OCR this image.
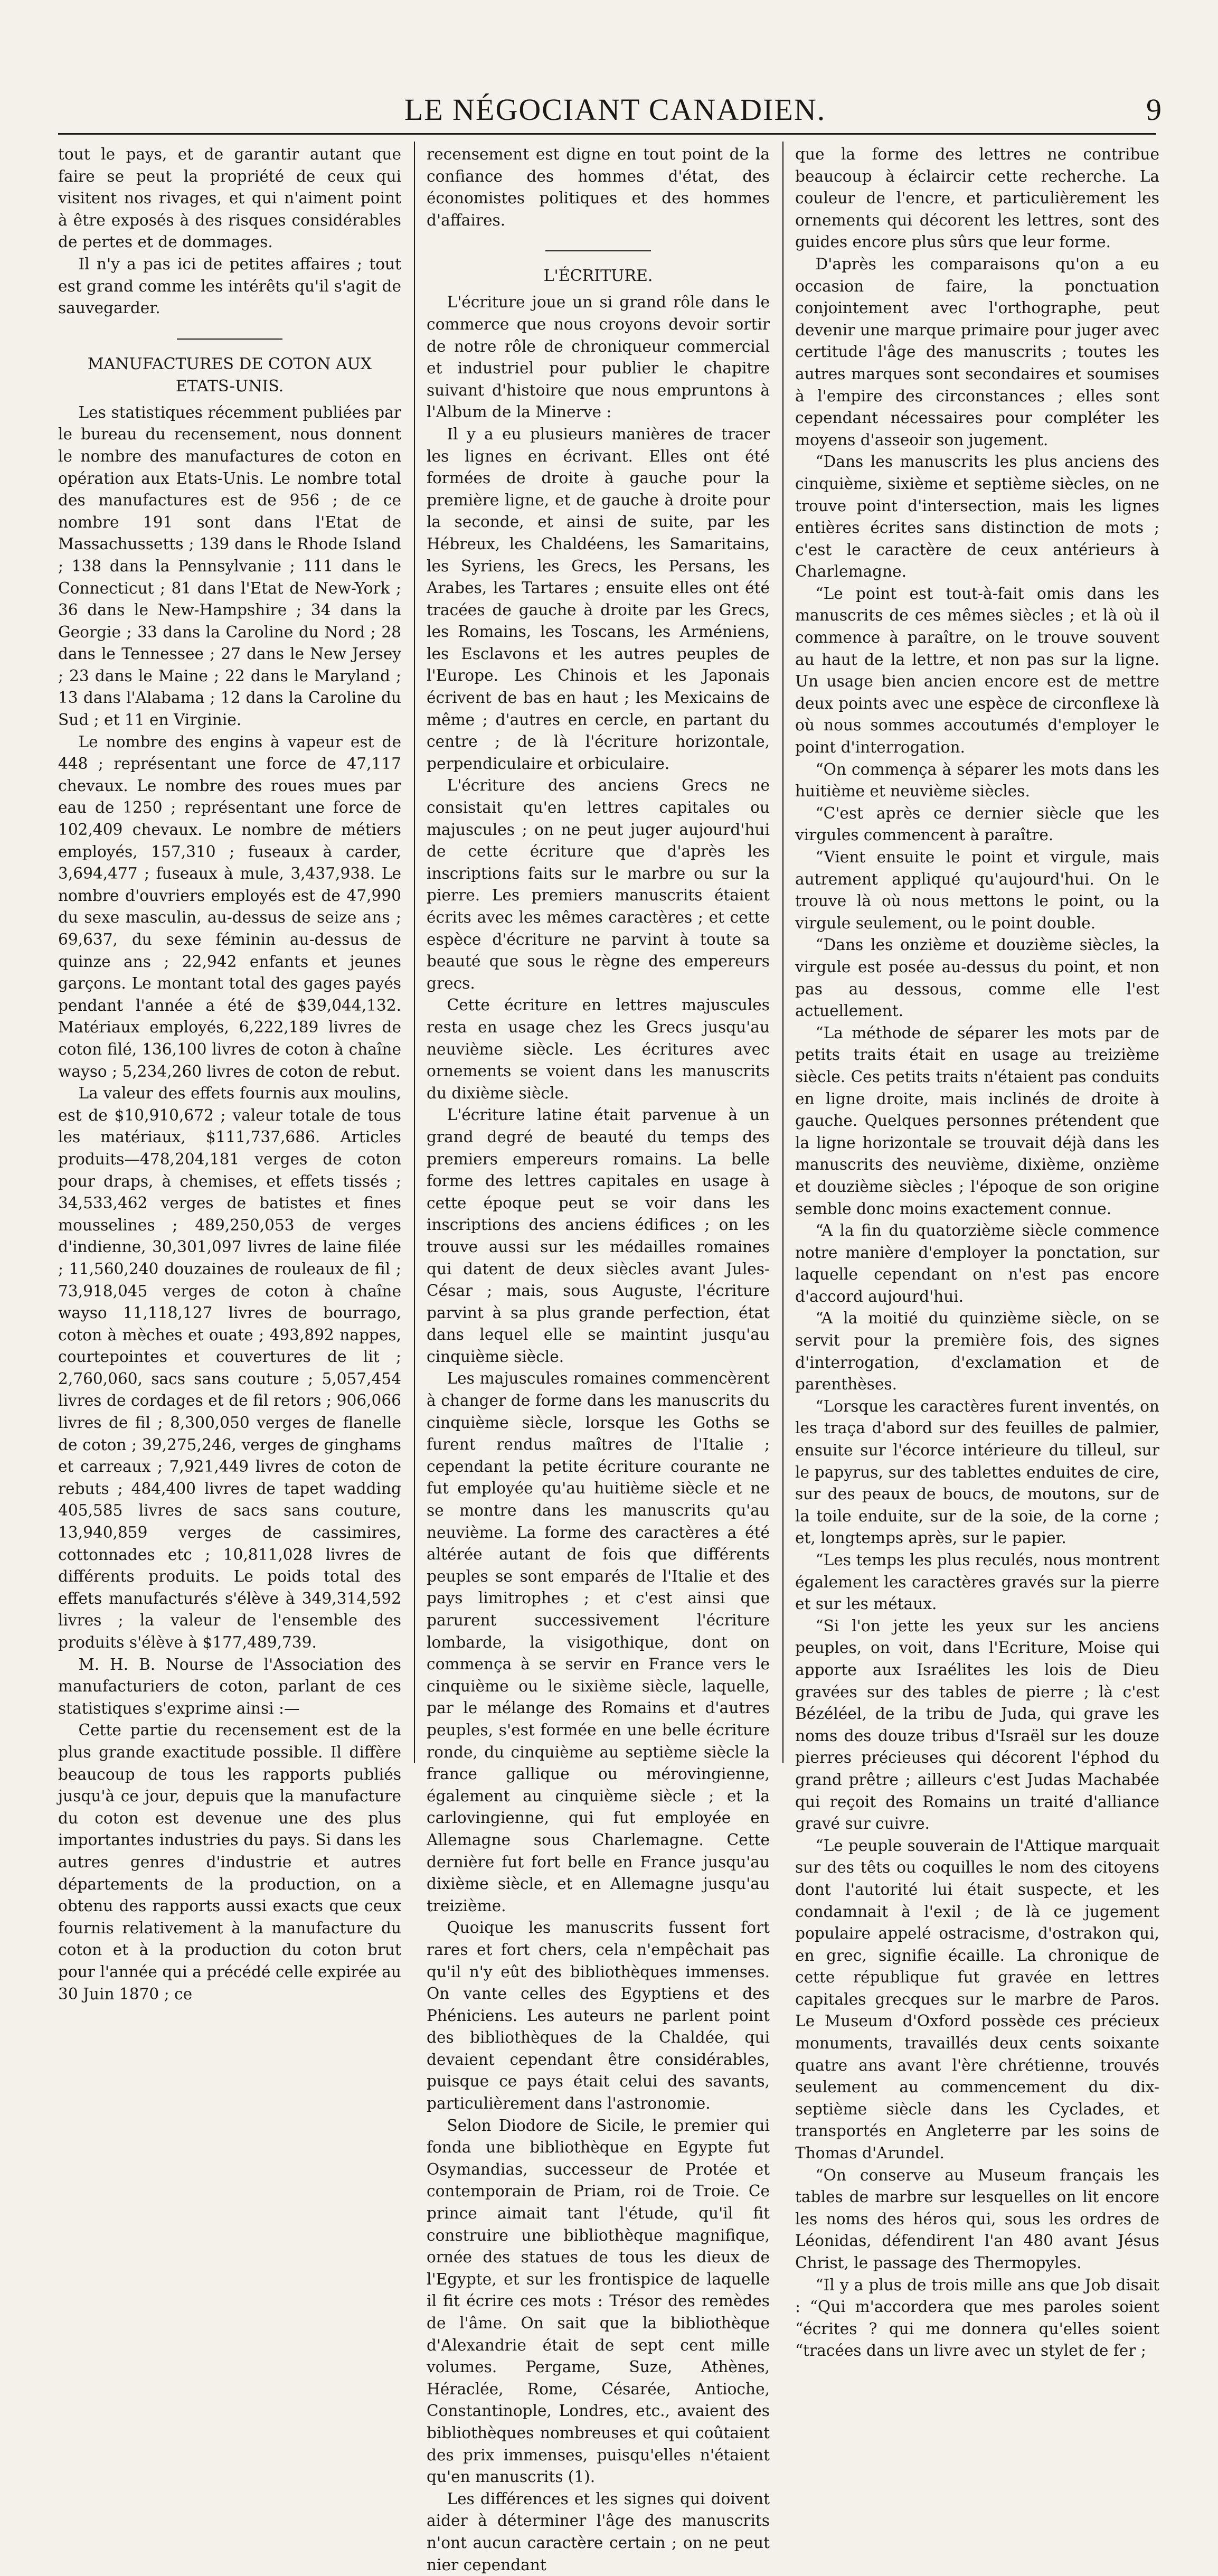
LE NÉGOCIANT CANADIEN.	9

tout le pays, et de garantir autant que faire se peut la propriété de ceux qui visitent nos rivages, et qui n'aiment point à être exposés à des risques considérables de pertes et de dommages.

Il n'y a pas ici de petites affaires ; tout est grand comme les intérêts qu'il s'agit de sauvegarder.

MANUFACTURES DE COTON AUX ETATS-UNIS.

Les statistiques récemment publiées par le bureau du recensement, nous donnent le nombre des manufactures de coton en opération aux Etats-Unis. Le nombre total des manufactures est de 956 ; de ce nombre 191 sont dans l'Etat de Massachussetts ; 139 dans le Rhode Island ; 138 dans la Pennsylvanie ; 111 dans le Connecticut ; 81 dans l'Etat de New-York ; 36 dans le New-Hampshire ; 34 dans la Georgie ; 33 dans la Caroline du Nord ; 28 dans le Tennessee ; 27 dans le New Jersey ; 23 dans le Maine ; 22 dans le Maryland ; 13 dans l'Alabama ; 12 dans la Caroline du Sud ; et 11 en Virginie.

Le nombre des engins à vapeur est de 448 ; représentant une force de 47,117 chevaux. Le nombre des roues mues par eau de 1250 ; représentant une force de 102,409 chevaux. Le nombre de métiers employés, 157,310 ; fuseaux à carder, 3,694,477 ; fuseaux à mule, 3,437,938. Le nombre d'ouvriers employés est de 47,990 du sexe masculin, au-dessus de seize ans ; 69,637, du sexe féminin au-dessus de quinze ans ; 22,942 enfants et jeunes garçons. Le montant total des gages payés pendant l'année a été de $39,044,132. Matériaux employés, 6,222,189 livres de coton filé, 136,100 livres de coton à chaîne wayso ; 5,234,260 livres de coton de rebut.

La valeur des effets fournis aux moulins, est de $10,910,672 ; valeur totale de tous les matériaux, $111,737,686. Articles produits—478,204,181 verges de coton pour draps, à chemises, et effets tissés ; 34,533,462 verges de batistes et fines mousselines ; 489,250,053 de verges d'indienne, 30,301,097 livres de laine filée ; 11,560,240 douzaines de rouleaux de fil ; 73,918,045 verges de coton à chaîne wayso 11,118,127 livres de bourrago, coton à mèches et ouate ; 493,892 nappes, courtepointes et couvertures de lit ; 2,760,060, sacs sans couture ; 5,057,454 livres de cordages et de fil retors ; 906,066 livres de fil ; 8,300,050 verges de flanelle de coton ; 39,275,246, verges de ginghams et carreaux ; 7,921,449 livres de coton de rebuts ; 484,400 livres de tapet wadding 405,585 livres de sacs sans couture, 13,940,859 verges de cassimires, cottonnades etc ; 10,811,028 livres de différents produits. Le poids total des effets manufacturés s'élève à 349,314,592 livres ; la valeur de l'ensemble des produits s'élève à $177,489,739.

M. H. B. Nourse de l'Association des manufacturiers de coton, parlant de ces statistiques s'exprime ainsi :—

Cette partie du recensement est de la plus grande exactitude possible. Il diffère beaucoup de tous les rapports publiés jusqu'à ce jour, depuis que la manufacture du coton est devenue une des plus importantes industries du pays. Si dans les autres genres d'industrie et autres départements de la production, on a obtenu des rapports aussi exacts que ceux fournis relativement à la manufacture du coton et à la production du coton brut pour l'année qui a précédé celle expirée au 30 Juin 1870 ; ce

recensement est digne en tout point de la confiance des hommes d'état, des économistes politiques et des hommes d'affaires.

L'ÉCRITURE.

L'écriture joue un si grand rôle dans le commerce que nous croyons devoir sortir de notre rôle de chroniqueur commercial et industriel pour publier le chapitre suivant d'histoire que nous empruntons à l'Album de la Minerve :

Il y a eu plusieurs manières de tracer les lignes en écrivant. Elles ont été formées de droite à gauche pour la première ligne, et de gauche à droite pour la seconde, et ainsi de suite, par les Hébreux, les Chaldéens, les Samaritains, les Syriens, les Grecs, les Persans, les Arabes, les Tartares ; ensuite elles ont été tracées de gauche à droite par les Grecs, les Romains, les Toscans, les Arméniens, les Esclavons et les autres peuples de l'Europe. Les Chinois et les Japonais écrivent de bas en haut ; les Mexicains de même ; d'autres en cercle, en partant du centre ; de là l'écriture horizontale, perpendiculaire et orbiculaire.

L'écriture des anciens Grecs ne consistait qu'en lettres capitales ou majuscules ; on ne peut juger aujourd'hui de cette écriture que d'après les inscriptions faits sur le marbre ou sur la pierre. Les premiers manuscrits étaient écrits avec les mêmes caractères ; et cette espèce d'écriture ne parvint à toute sa beauté que sous le règne des empereurs grecs.

Cette écriture en lettres majuscules resta en usage chez les Grecs jusqu'au neuvième siècle. Les écritures avec ornements se voient dans les manuscrits du dixième siècle.

L'écriture latine était parvenue à un grand degré de beauté du temps des premiers empereurs romains. La belle forme des lettres capitales en usage à cette époque peut se voir dans les inscriptions des anciens édifices ; on les trouve aussi sur les médailles romaines qui datent de deux siècles avant Jules-César ; mais, sous Auguste, l'écriture parvint à sa plus grande perfection, état dans lequel elle se maintint jusqu'au cinquième siècle.

Les majuscules romaines commencèrent à changer de forme dans les manuscrits du cinquième siècle, lorsque les Goths se furent rendus maîtres de l'Italie ; cependant la petite écriture courante ne fut employée qu'au huitième siècle et ne se montre dans les manuscrits qu'au neuvième. La forme des caractères a été altérée autant de fois que différents peuples se sont emparés de l'Italie et des pays limitrophes ; et c'est ainsi que parurent successivement l'écriture lombarde, la visigothique, dont on commença à se servir en France vers le cinquième ou le sixième siècle, laquelle, par le mélange des Romains et d'autres peuples, s'est formée en une belle écriture ronde, du cinquième au septième siècle la france gallique ou mérovingienne, également au cinquième siècle ; et la carlovingienne, qui fut employée en Allemagne sous Charlemagne. Cette dernière fut fort belle en France jusqu'au dixième siècle, et en Allemagne jusqu'au treizième.

Quoique les manuscrits fussent fort rares et fort chers, cela n'empêchait pas qu'il n'y eût des bibliothèques immenses. On vante celles des Egyptiens et des Phéniciens. Les auteurs ne parlent point des bibliothèques de la Chaldée, qui devaient cependant être considérables, puisque ce pays était celui des savants, particulièrement dans l'astronomie.

Selon Diodore de Sicile, le premier qui fonda une bibliothèque en Egypte fut Osymandias, successeur de Protée et contemporain de Priam, roi de Troie. Ce prince aimait tant l'étude, qu'il fit construire une bibliothèque magnifique, ornée des statues de tous les dieux de l'Egypte, et sur les frontispice de laquelle il fit écrire ces mots : Trésor des remèdes de l'âme. On sait que la bibliothèque d'Alexandrie était de sept cent mille volumes. Pergame, Suze, Athènes, Héraclée, Rome, Césarée, Antioche, Constantinople, Londres, etc., avaient des bibliothèques nombreuses et qui coûtaient des prix immenses, puisqu'elles n'étaient qu'en manuscrits (1).

Les différences et les signes qui doivent aider à déterminer l'âge des manuscrits n'ont aucun caractère certain ; on ne peut nier cependant

que la forme des lettres ne contribue beaucoup à éclaircir cette recherche. La couleur de l'encre, et particulièrement les ornements qui décorent les lettres, sont des guides encore plus sûrs que leur forme.

D'après les comparaisons qu'on a eu occasion de faire, la ponctuation conjointement avec l'orthographe, peut devenir une marque primaire pour juger avec certitude l'âge des manuscrits ; toutes les autres marques sont secondaires et soumises à l'empire des circonstances ; elles sont cependant nécessaires pour compléter les moyens d'asseoir son jugement.

“Dans les manuscrits les plus anciens des cinquième, sixième et septième siècles, on ne trouve point d'intersection, mais les lignes entières écrites sans distinction de mots ; c'est le caractère de ceux antérieurs à Charlemagne.

“Le point est tout-à-fait omis dans les manuscrits de ces mêmes siècles ; et là où il commence à paraître, on le trouve souvent au haut de la lettre, et non pas sur la ligne. Un usage bien ancien encore est de mettre deux points avec une espèce de circonflexe là où nous sommes accoutumés d'employer le point d'interrogation.

“On commença à séparer les mots dans les huitième et neuvième siècles.

“C'est après ce dernier siècle que les virgules commencent à paraître.

“Vient ensuite le point et virgule, mais autrement appliqué qu'aujourd'hui. On le trouve là où nous mettons le point, ou la virgule seulement, ou le point double.

“Dans les onzième et douzième siècles, la virgule est posée au-dessus du point, et non pas au dessous, comme elle l'est actuellement.

“La méthode de séparer les mots par de petits traits était en usage au treizième siècle. Ces petits traits n'étaient pas conduits en ligne droite, mais inclinés de droite à gauche. Quelques personnes prétendent que la ligne horizontale se trouvait déjà dans les manuscrits des neuvième, dixième, onzième et douzième siècles ; l'époque de son origine semble donc moins exactement connue.

“A la fin du quatorzième siècle commence notre manière d'employer la ponctation, sur laquelle cependant on n'est pas encore d'accord aujourd'hui.

“A la moitié du quinzième siècle, on se servit pour la première fois, des signes d'interrogation, d'exclamation et de parenthèses.

“Lorsque les caractères furent inventés, on les traça d'abord sur des feuilles de palmier, ensuite sur l'écorce intérieure du tilleul, sur le papyrus, sur des tablettes enduites de cire, sur des peaux de boucs, de moutons, sur de la toile enduite, sur de la soie, de la corne ; et, longtemps après, sur le papier.

“Les temps les plus reculés, nous montrent également les caractères gravés sur la pierre et sur les métaux.

“Si l'on jette les yeux sur les anciens peuples, on voit, dans l'Ecriture, Moise qui apporte aux Israélites les lois de Dieu gravées sur des tables de pierre ; là c'est Bézéléel, de la tribu de Juda, qui grave les noms des douze tribus d'Israël sur les douze pierres précieuses qui décorent l'éphod du grand prêtre ; ailleurs c'est Judas Machabée qui reçoit des Romains un traité d'alliance gravé sur cuivre.

“Le peuple souverain de l'Attique marquait sur des têts ou coquilles le nom des citoyens dont l'autorité lui était suspecte, et les condamnait à l'exil ; de là ce jugement populaire appelé ostracisme, d'ostrakon qui, en grec, signifie écaille. La chronique de cette république fut gravée en lettres capitales grecques sur le marbre de Paros. Le Museum d'Oxford possède ces précieux monuments, travaillés deux cents soixante quatre ans avant l'ère chrétienne, trouvés seulement au commencement du dix-septième siècle dans les Cyclades, et transportés en Angleterre par les soins de Thomas d'Arundel.

“On conserve au Museum français les tables de marbre sur lesquelles on lit encore les noms des héros qui, sous les ordres de Léonidas, défendirent l'an 480 avant Jésus Christ, le passage des Thermopyles.

“Il y a plus de trois mille ans que Job disait : “Qui m'accordera que mes paroles soient “écrites ? qui me donnera qu'elles soient “tracées dans un livre avec un stylet de fer ;
